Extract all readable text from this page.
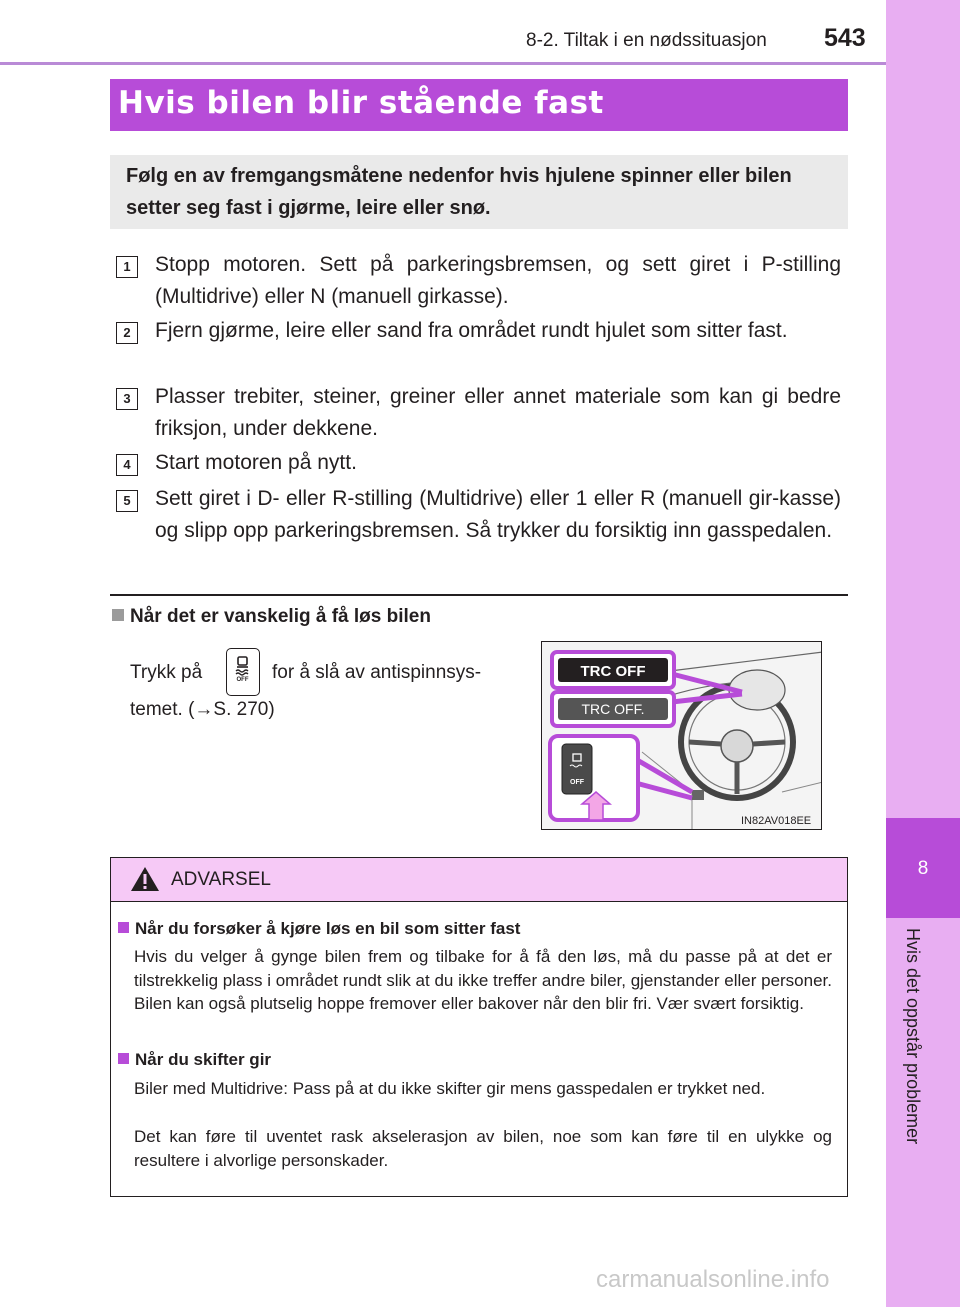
8-2. Tiltak i en nødssituasjon 543
8
Hvis det oppstår problemer
Hvis bilen blir stående fast
Følg en av fremgangsmåtene nedenfor hvis hjulene spinner eller bilen setter seg fast i gjørme, leire eller snø.
1	Stopp motoren. Sett på parkeringsbremsen, og sett giret i P-stilling (Multidrive) eller N (manuell girkasse).
2	Fjern gjørme, leire eller sand fra området rundt hjulet som sitter fast.
3	Plasser trebiter, steiner, greiner eller annet materiale som kan gi bedre friksjon, under dekkene.
4	Start motoren på nytt.
5	Sett giret i D- eller R-stilling (Multidrive) eller 1 eller R (manuell gir-kasse) og slipp opp parkeringsbremsen. Så trykker du forsiktig inn gasspedalen.
Når det er vanskelig å få løs bilen
Trykk på	OFF for å slå av antispinnsys-
temet. (→S. 270)
TRC OFF
TRC OFF.
OFF
IN82AV018EE
ADVARSEL
Når du forsøker å kjøre løs en bil som sitter fast
Hvis du velger å gynge bilen frem og tilbake for å få den løs, må du passe på at det er tilstrekkelig plass i området rundt slik at du ikke treffer andre biler, gjenstander eller personer. Bilen kan også plutselig hoppe fremover eller bakover når den blir fri. Vær svært forsiktig.
Når du skifter gir
Biler med Multidrive: Pass på at du ikke skifter gir mens gasspedalen er trykket ned.
Det kan føre til uventet rask akselerasjon av bilen, noe som kan føre til en ulykke og resultere i alvorlige personskader.
carmanualsonline.info
